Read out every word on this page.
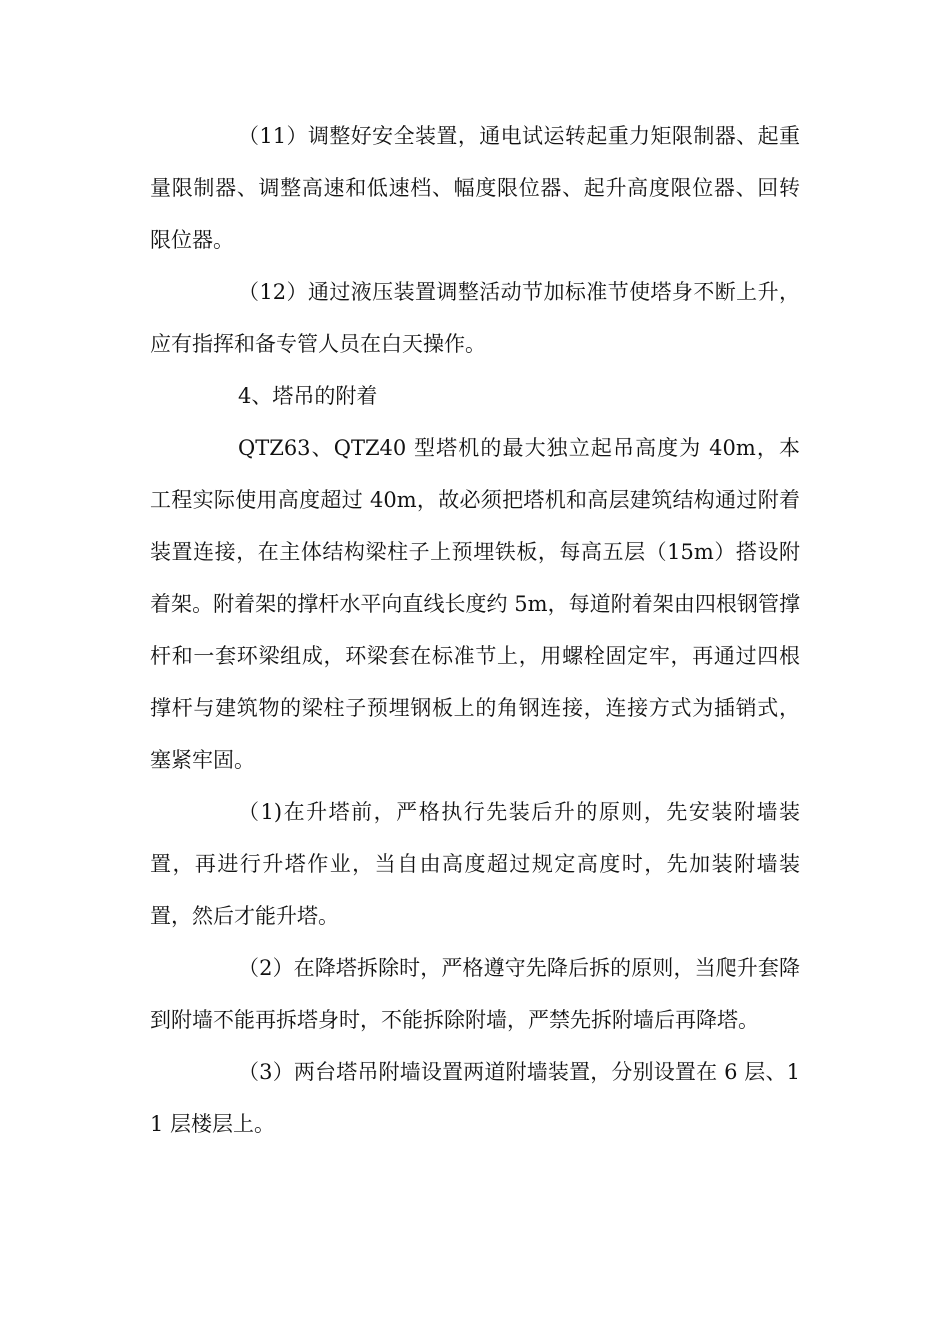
（11）调整好安全装置，通电试运转起重力矩限制器、起重量限制器、调整高速和低速档、幅度限位器、起升高度限位器、回转限位器。

（12）通过液压装置调整活动节加标准节使塔身不断上升，应有指挥和备专管人员在白天操作。

4、塔吊的附着

QTZ63、QTZ40 型塔机的最大独立起吊高度为 40m，本工程实际使用高度超过 40m，故必须把塔机和高层建筑结构通过附着装置连接，在主体结构梁柱子上预埋铁板，每高五层（15m）搭设附着架。附着架的撑杆水平向直线长度约 5m，每道附着架由四根钢管撑杆和一套环梁组成，环梁套在标准节上，用螺栓固定牢，再通过四根撑杆与建筑物的梁柱子预埋钢板上的角钢连接，连接方式为插销式，塞紧牢固。

（1)在升塔前，严格执行先装后升的原则，先安装附墙装置，再进行升塔作业，当自由高度超过规定高度时，先加装附墙装置，然后才能升塔。

（2）在降塔拆除时，严格遵守先降后拆的原则，当爬升套降到附墙不能再拆塔身时，不能拆除附墙，严禁先拆附墙后再降塔。

（3）两台塔吊附墙设置两道附墙装置，分别设置在 6 层、11 层楼层上。
